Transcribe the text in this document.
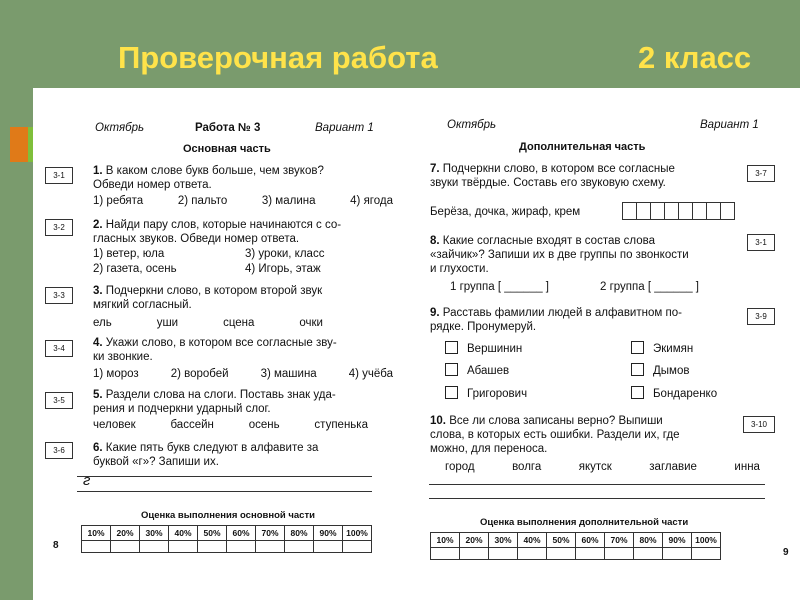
Проверочная работа	2 класс
Октябрь	Работа № 3	Вариант 1
Основная часть
3-1	1. В каком слове букв больше, чем звуков?
Обведи номер ответа.
1) ребята	2) пальто	3) малина	4) ягода
3-2	2. Найди пару слов, которые начинаются с со-
гласных звуков. Обведи номер ответа.
1) ветер, юла	3) уроки, класс
2) газета, осень	4) Игорь, этаж
3-3	3. Подчеркни слово, в котором второй звук
мягкий согласный.
ель	уши	сцена	очки
3-4	4. Укажи слово, в котором все согласные зву-
ки звонкие.
1) мороз	2) воробей	3) машина	4) учёба
3-5	5. Раздели слова на слоги. Поставь знак уда-
рения и подчеркни ударный слог.
человек	бассейн	осень	ступенька
3-6	6. Какие пять букв следуют в алфавите за
буквой «г»? Запиши их.
г
Оценка выполнения основной части
10%	20%	30%	40%	50%	60%	70%	80%	90%	100%

8
Октябрь	Вариант 1
Дополнительная часть
3-7
7. Подчеркни слово, в котором все согласные
звуки твёрдые. Составь его звуковую схему.
Берёза, дочка, жираф, крем
3-1
8. Какие согласные входят в состав слова
«зайчик»? Запиши их в две группы по звонкости
и глухости.
1 группа [ ______ ]	2 группа [ ______ ]
3-9
9. Расставь фамилии людей в алфавитном по-
рядке. Пронумеруй.
Вершинин	Экимян
Абашев	Дымов
Григорович	Бондаренко
3-10
10. Все ли слова записаны верно? Выпиши
слова, в которых есть ошибки. Раздели их, где
можно, для переноса.
город	волга	якутск	заглавие	инна
Оценка выполнения дополнительной части
10%	20%	30%	40%	50%	60%	70%	80%	90%	100%

9
